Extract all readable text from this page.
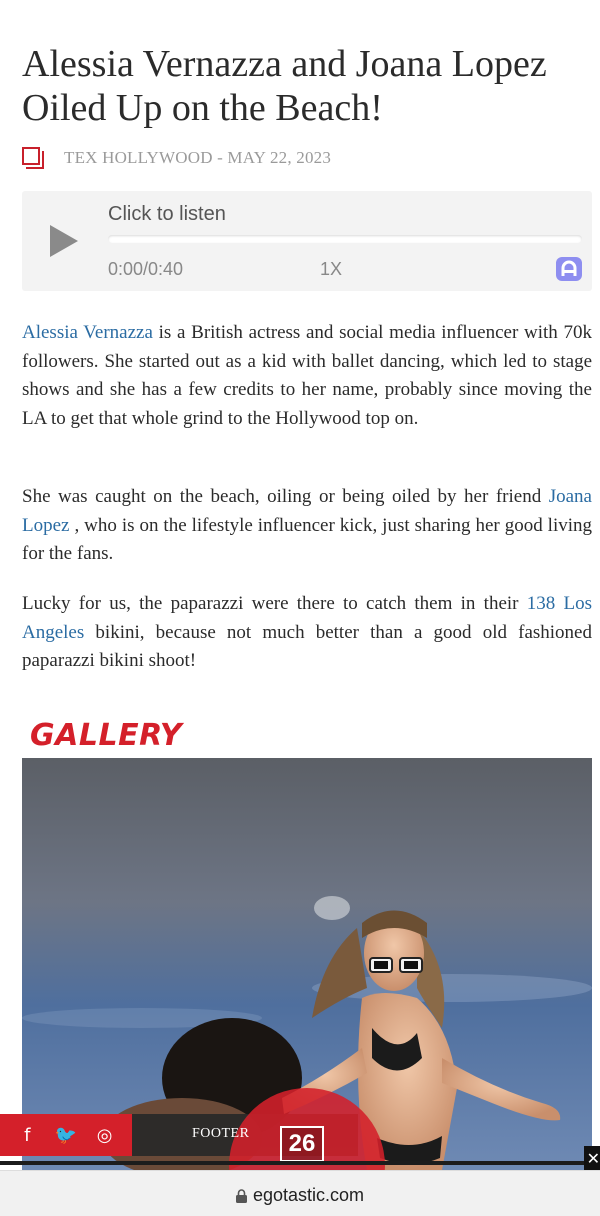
Alessia Vernazza and Joana Lopez Oiled Up on the Beach!
TEX HOLLYWOOD - MAY 22, 2023
Click to listen
0:00/0:40	1X

Alessia Vernazza is a British actress and social media influencer with 70k followers. She started out as a kid with ballet dancing, which led to stage shows and she has a few credits to her name, probably since moving the LA to get that whole grind to the Hollywood top on.

She was caught on the beach, oiling or being oiled by her friend Joana Lopez , who is on the lifestyle influencer kick, just sharing her good living for the fans.

Lucky for us, the paparazzi were there to catch them in their 138 Los Angeles bikini, because not much better than a good old fashioned paparazzi bikini shoot!

GALLERY
f	🐦 ◎	FOOTER	26
✕
egotastic.com
